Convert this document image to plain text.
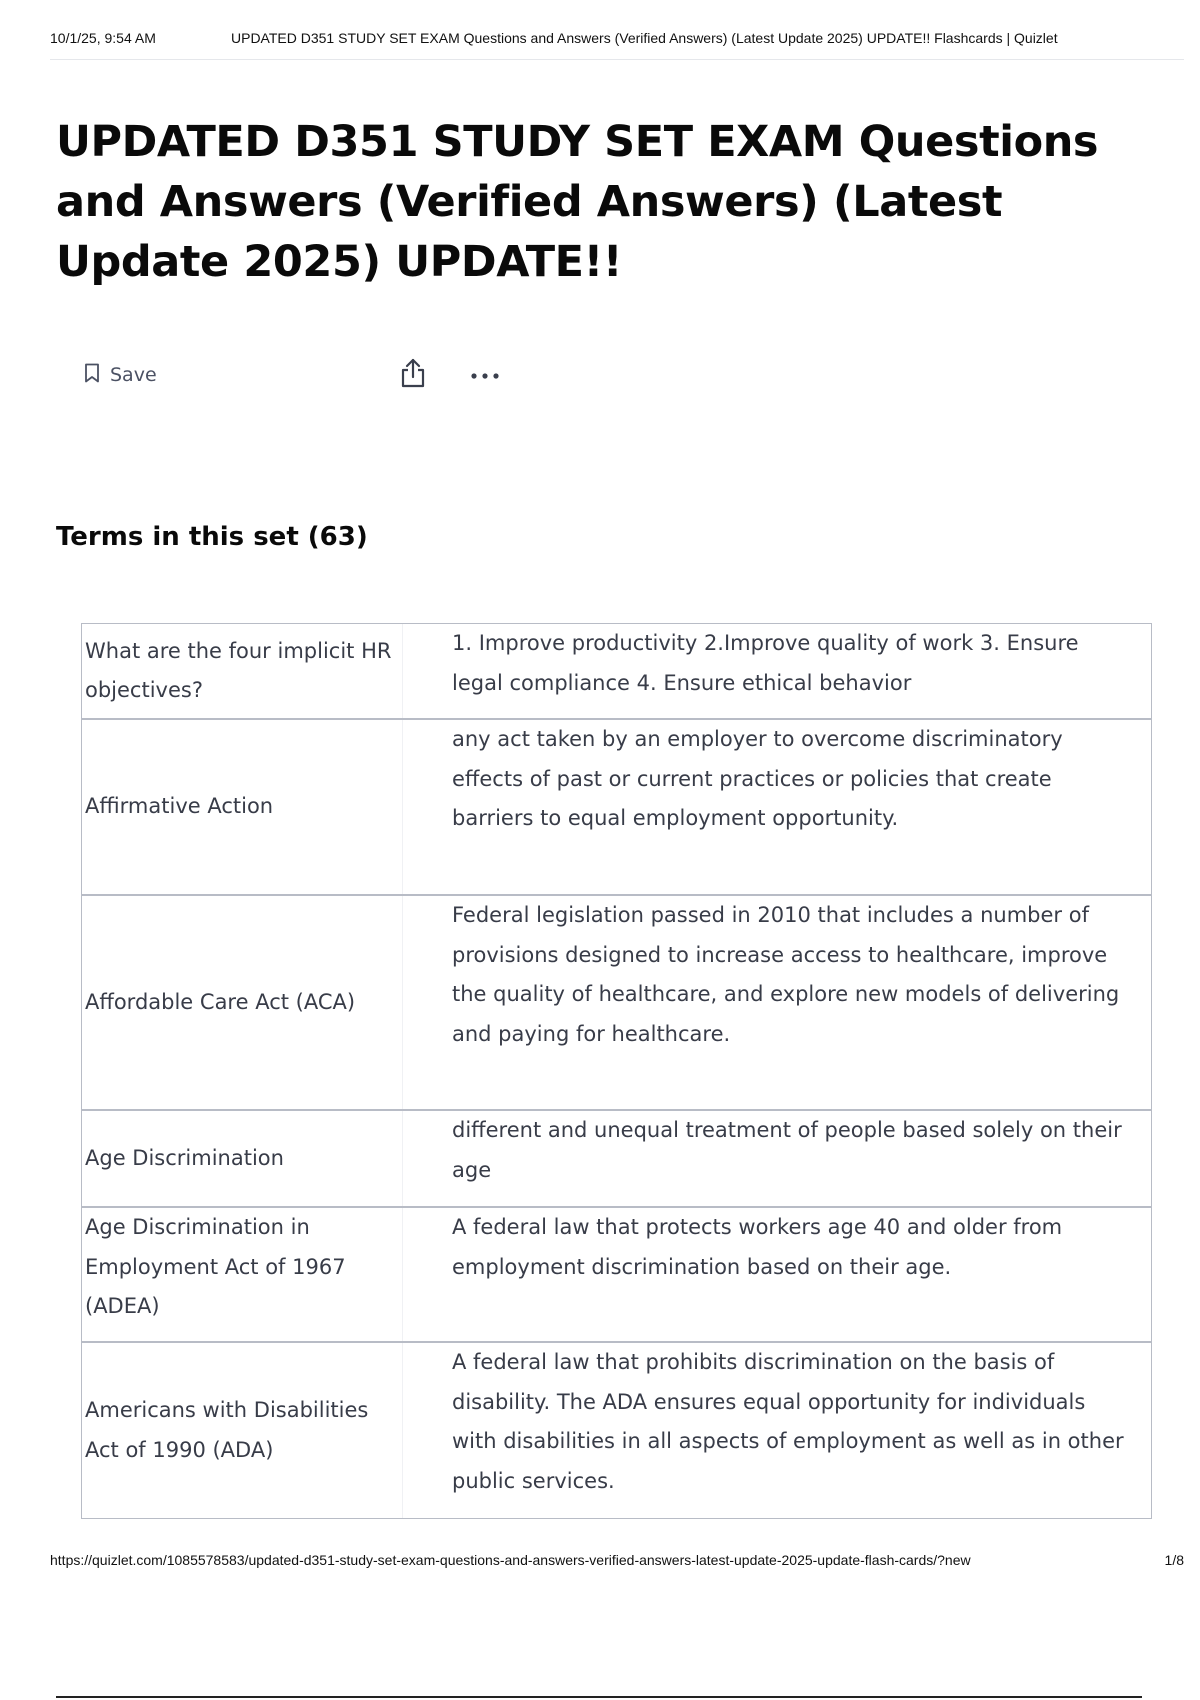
10/1/25, 9:54 AM	UPDATED D351 STUDY SET EXAM Questions and Answers (Verified Answers) (Latest Update 2025) UPDATE!! Flashcards | Quizlet
UPDATED D351 STUDY SET EXAM Questions and Answers (Verified Answers) (Latest Update 2025) UPDATE!!
Save
Terms in this set (63)
What are the four implicit HR objectives?
1. Improve productivity 2.Improve quality of work 3. Ensure legal compliance 4. Ensure ethical behavior
Affirmative Action
any act taken by an employer to overcome discriminatory effects of past or current practices or policies that create barriers to equal employment opportunity.
Affordable Care Act (ACA)
Federal legislation passed in 2010 that includes a number of provisions designed to increase access to healthcare, improve the quality of healthcare, and explore new models of delivering and paying for healthcare.
Age Discrimination
different and unequal treatment of people based solely on their age
Age Discrimination in Employment Act of 1967 (ADEA)
A federal law that protects workers age 40 and older from employment discrimination based on their age.
Americans with Disabilities Act of 1990 (ADA)
A federal law that prohibits discrimination on the basis of disability. The ADA ensures equal opportunity for individuals with disabilities in all aspects of employment as well as in other public services.
https://quizlet.com/1085578583/updated-d351-study-set-exam-questions-and-answers-verified-answers-latest-update-2025-update-flash-cards/?new	1/8
